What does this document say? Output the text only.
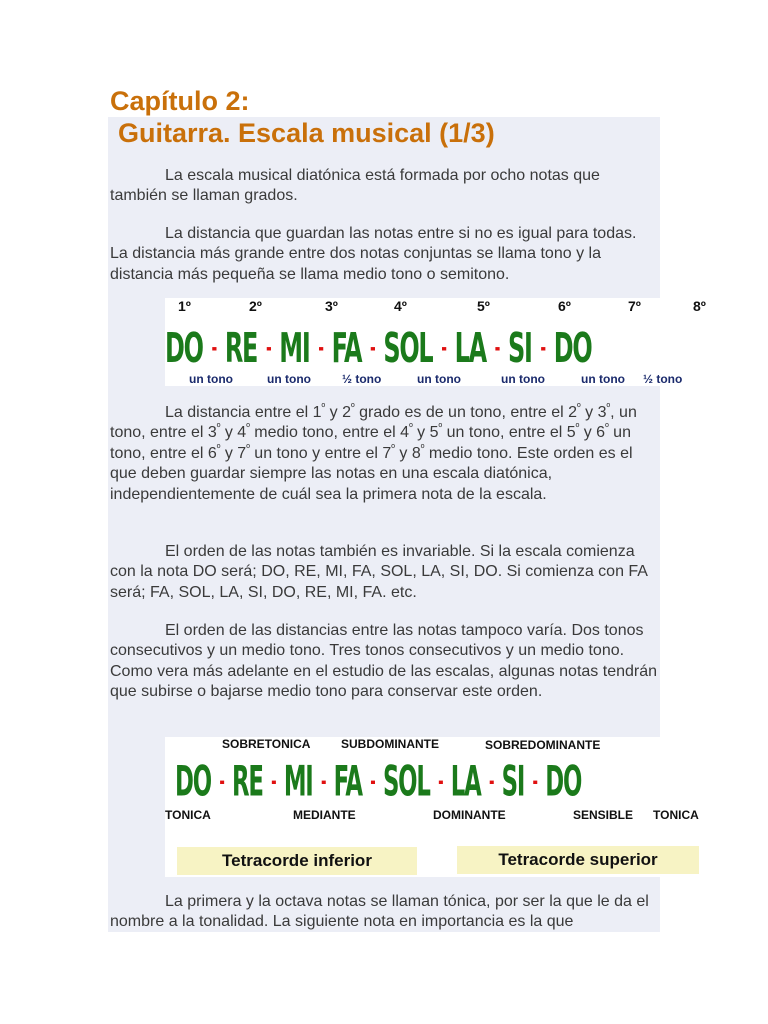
Capítulo 2:
Guitarra. Escala musical (1/3)

La escala musical diatónica está formada por ocho notas que también se llaman grados.

La distancia que guardan las notas entre si no es igual para todas. La distancia más grande entre dos notas conjuntas se llama tono y la distancia más pequeña se llama medio tono o semitono.

1º	2º	3º	4º	5º	6º	7º	8º
DO - RE - MI - FA - SOL - LA - SI - DO
un tono	un tono	½ tono	un tono	un tono	un tono ½ tono

La distancia entre el $1^º$ y $2^º$ grado es de un tono, entre el $2^º$ y $3^º$, un tono, entre el $3^º$ y $4^º$ medio tono, entre el $4^º$ y $5^º$ un tono, entre el $5^º$ y $6^º$ un tono, entre el $6^º$ y $7^º$ un tono y entre el $7^º$ y $8^º$ medio tono. Este orden es el que deben guardar siempre las notas en una escala diatónica, independientemente de cuál sea la primera nota de la escala.

El orden de las notas también es invariable. Si la escala comienza con la nota DO será; DO, RE, MI, FA, SOL, LA, SI, DO. Si comienza con FA será; FA, SOL, LA, SI, DO, RE, MI, FA. etc.

El orden de las distancias entre las notas tampoco varía. Dos tonos consecutivos y un medio tono. Tres tonos consecutivos y un medio tono. Como vera más adelante en el estudio de las escalas, algunas notas tendrán que subirse o bajarse medio tono para conservar este orden.

SOBRETONICA	SUBDOMINANTE	SOBREDOMINANTE
DO - RE - MI - FA - SOL - LA - SI - DO
TONICA	MEDIANTE	DOMINANTE	SENSIBLE TONICA
Tetracorde inferior	Tetracorde superior

La primera y la octava notas se llaman tónica, por ser la que le da el nombre a la tonalidad. La siguiente nota en importancia es la que
